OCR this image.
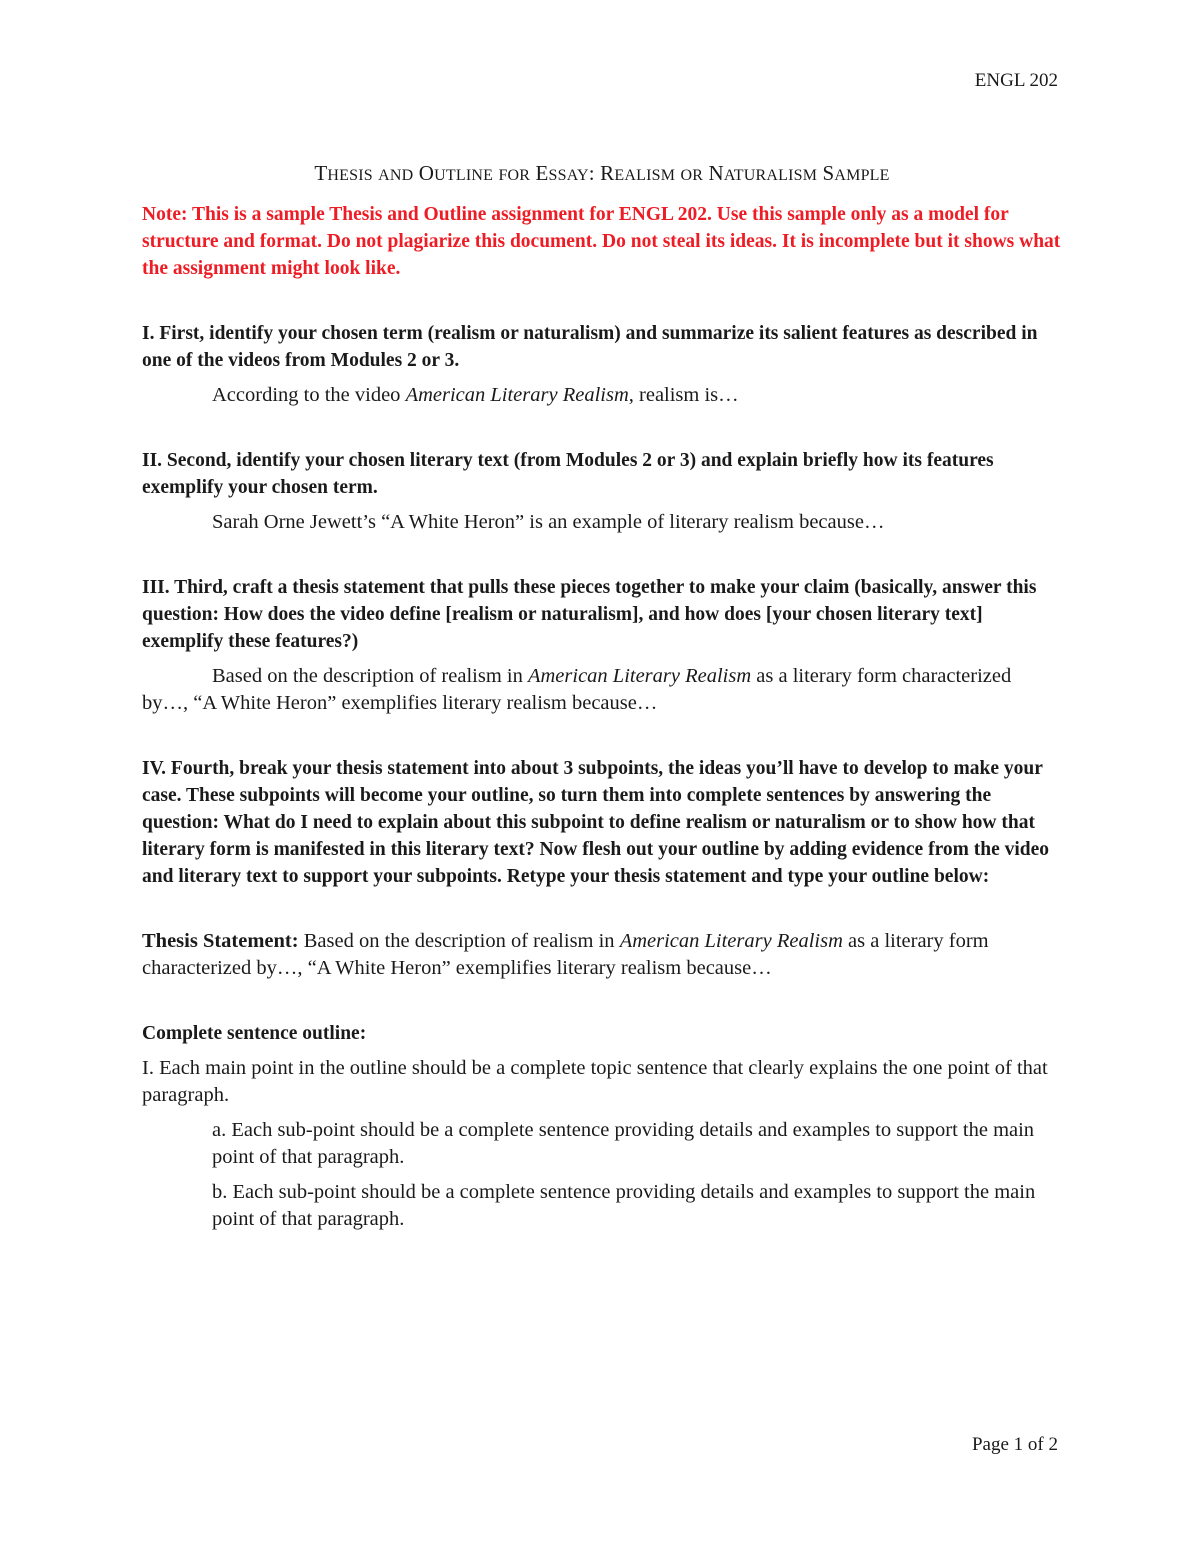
ENGL 202
THESIS AND OUTLINE FOR ESSAY: REALISM OR NATURALISM SAMPLE

Note: This is a sample Thesis and Outline assignment for ENGL 202. Use this sample only as a model for structure and format. Do not plagiarize this document. Do not steal its ideas. It is incomplete but it shows what the assignment might look like.

I. First, identify your chosen term (realism or naturalism) and summarize its salient features as described in one of the videos from Modules 2 or 3.

According to the video American Literary Realism, realism is…

II. Second, identify your chosen literary text (from Modules 2 or 3) and explain briefly how its features exemplify your chosen term.

Sarah Orne Jewett’s “A White Heron” is an example of literary realism because…

III. Third, craft a thesis statement that pulls these pieces together to make your claim (basically, answer this question: How does the video define [realism or naturalism], and how does [your chosen literary text] exemplify these features?)

Based on the description of realism in American Literary Realism as a literary form characterized by…, “A White Heron” exemplifies literary realism because…

IV. Fourth, break your thesis statement into about 3 subpoints, the ideas you’ll have to develop to make your case. These subpoints will become your outline, so turn them into complete sentences by answering the question: What do I need to explain about this subpoint to define realism or naturalism or to show how that literary form is manifested in this literary text? Now flesh out your outline by adding evidence from the video and literary text to support your subpoints. Retype your thesis statement and type your outline below:

Thesis Statement: Based on the description of realism in American Literary Realism as a literary form characterized by…, “A White Heron” exemplifies literary realism because…

Complete sentence outline:

I. Each main point in the outline should be a complete topic sentence that clearly explains the one point of that paragraph.

a. Each sub-point should be a complete sentence providing details and examples to support the main point of that paragraph.

b. Each sub-point should be a complete sentence providing details and examples to support the main point of that paragraph.

Page 1 of 2
